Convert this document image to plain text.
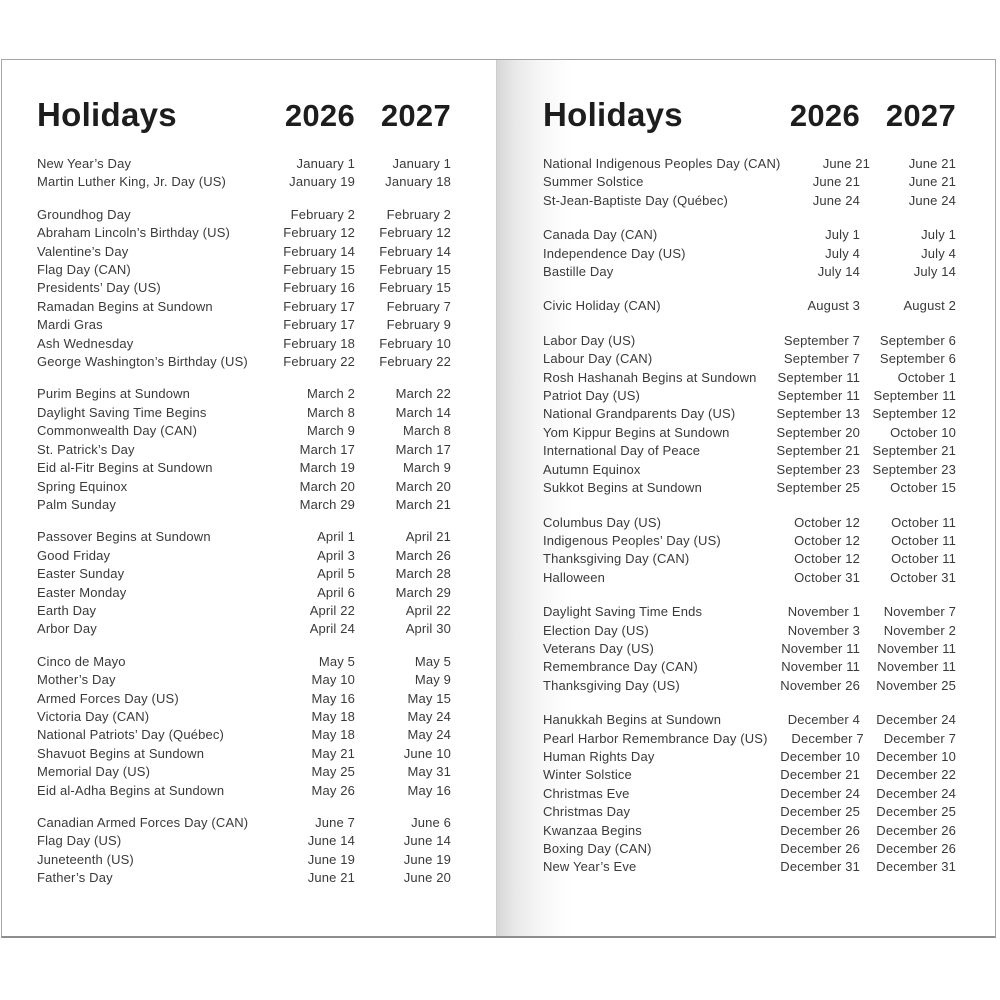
Holidays	2026 2027
New Year’s Day	January 1	January 1
Martin Luther King, Jr. Day (US)	January 19	January 18
Groundhog Day	February 2	February 2
Abraham Lincoln’s Birthday (US)	February 12	February 12
Valentine’s Day	February 14	February 14
Flag Day (CAN)	February 15	February 15
Presidents’ Day (US)	February 16	February 15
Ramadan Begins at Sundown	February 17	February 7
Mardi Gras	February 17	February 9
Ash Wednesday	February 18	February 10
George Washington’s Birthday (US)	February 22	February 22
Purim Begins at Sundown	March 2	March 22
Daylight Saving Time Begins	March 8	March 14
Commonwealth Day (CAN)	March 9	March 8
St. Patrick’s Day	March 17	March 17
Eid al-Fitr Begins at Sundown	March 19	March 9
Spring Equinox	March 20	March 20
Palm Sunday	March 29	March 21
Passover Begins at Sundown	April 1	April 21
Good Friday	April 3	March 26
Easter Sunday	April 5	March 28
Easter Monday	April 6	March 29
Earth Day	April 22	April 22
Arbor Day	April 24	April 30
Cinco de Mayo	May 5	May 5
Mother’s Day	May 10	May 9
Armed Forces Day (US)	May 16	May 15
Victoria Day (CAN)	May 18	May 24
National Patriots’ Day (Québec)	May 18	May 24
Shavuot Begins at Sundown	May 21	June 10
Memorial Day (US)	May 25	May 31
Eid al-Adha Begins at Sundown	May 26	May 16
Canadian Armed Forces Day (CAN)	June 7	June 6
Flag Day (US)	June 14	June 14
Juneteenth (US)	June 19	June 19
Father’s Day	June 21	June 20
Holidays	2026 2027
National Indigenous Peoples Day (CAN)	June 21	June 21
Summer Solstice	June 21	June 21
St-Jean-Baptiste Day (Québec)	June 24	June 24
Canada Day (CAN)	July 1	July 1
Independence Day (US)	July 4	July 4
Bastille Day	July 14	July 14
Civic Holiday (CAN)	August 3	August 2
Labor Day (US)	September 7	September 6
Labour Day (CAN)	September 7	September 6
Rosh Hashanah Begins at Sundown	September 11	October 1
Patriot Day (US)	September 11	September 11
National Grandparents Day (US)	September 13 September 12
Yom Kippur Begins at Sundown	September 20	October 10
International Day of Peace	September 21 September 21
Autumn Equinox	September 23 September 23
Sukkot Begins at Sundown	September 25	October 15
Columbus Day (US)	October 12	October 11
Indigenous Peoples’ Day (US)	October 12	October 11
Thanksgiving Day (CAN)	October 12	October 11
Halloween	October 31	October 31
Daylight Saving Time Ends	November 1	November 7
Election Day (US)	November 3	November 2
Veterans Day (US)	November 11	November 11
Remembrance Day (CAN)	November 11	November 11
Thanksgiving Day (US)	November 26	November 25
Hanukkah Begins at Sundown	December 4	December 24
Pearl Harbor Remembrance Day (US)	December 7	December 7
Human Rights Day	December 10	December 10
Winter Solstice	December 21	December 22
Christmas Eve	December 24	December 24
Christmas Day	December 25	December 25
Kwanzaa Begins	December 26	December 26
Boxing Day (CAN)	December 26	December 26
New Year’s Eve	December 31	December 31
